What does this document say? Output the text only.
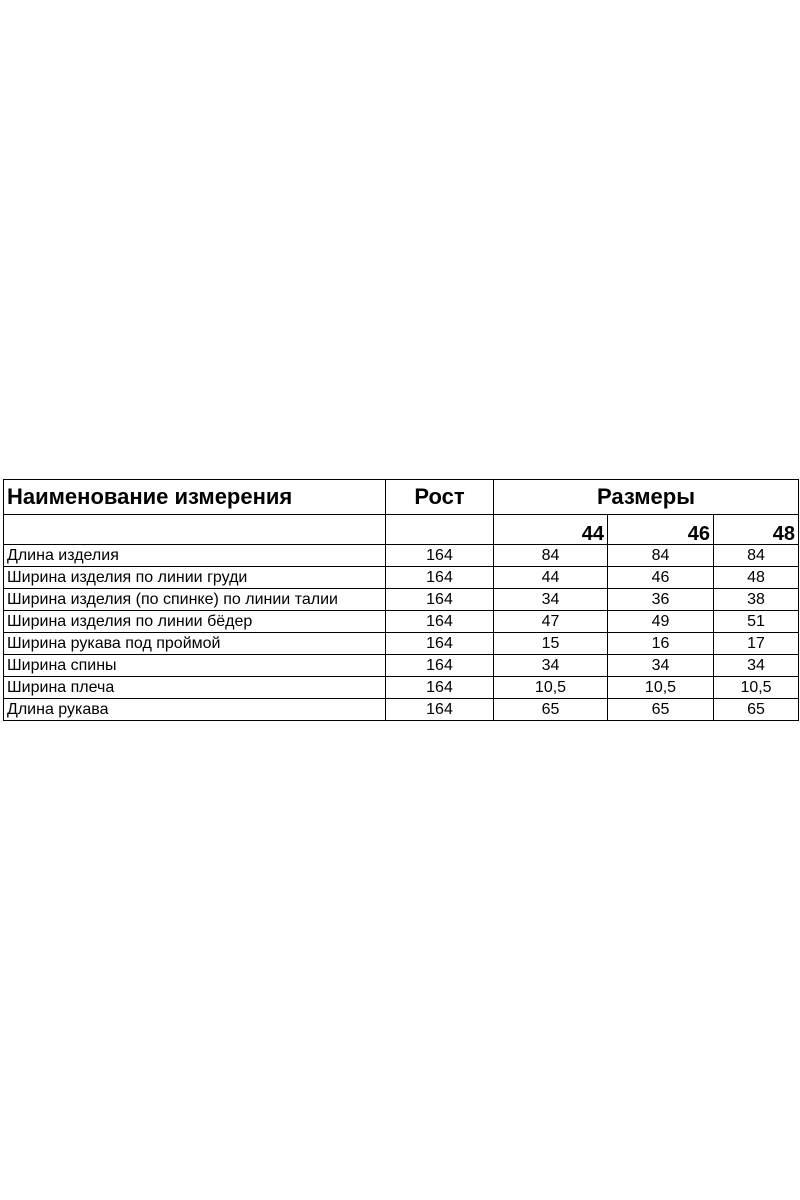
Наименование измерения	Рост	Размеры		
		44	46	48
Длина изделия	164	84	84	84
Ширина изделия по линии груди	164	44	46	48
Ширина изделия (по спинке) по линии талии	164	34	36	38
Ширина изделия по линии бёдер	164	47	49	51
Ширина рукава под проймой	164	15	16	17
Ширина спины	164	34	34	34
Ширина плеча	164	10,5	10,5	10,5
Длина рукава	164	65	65	65
